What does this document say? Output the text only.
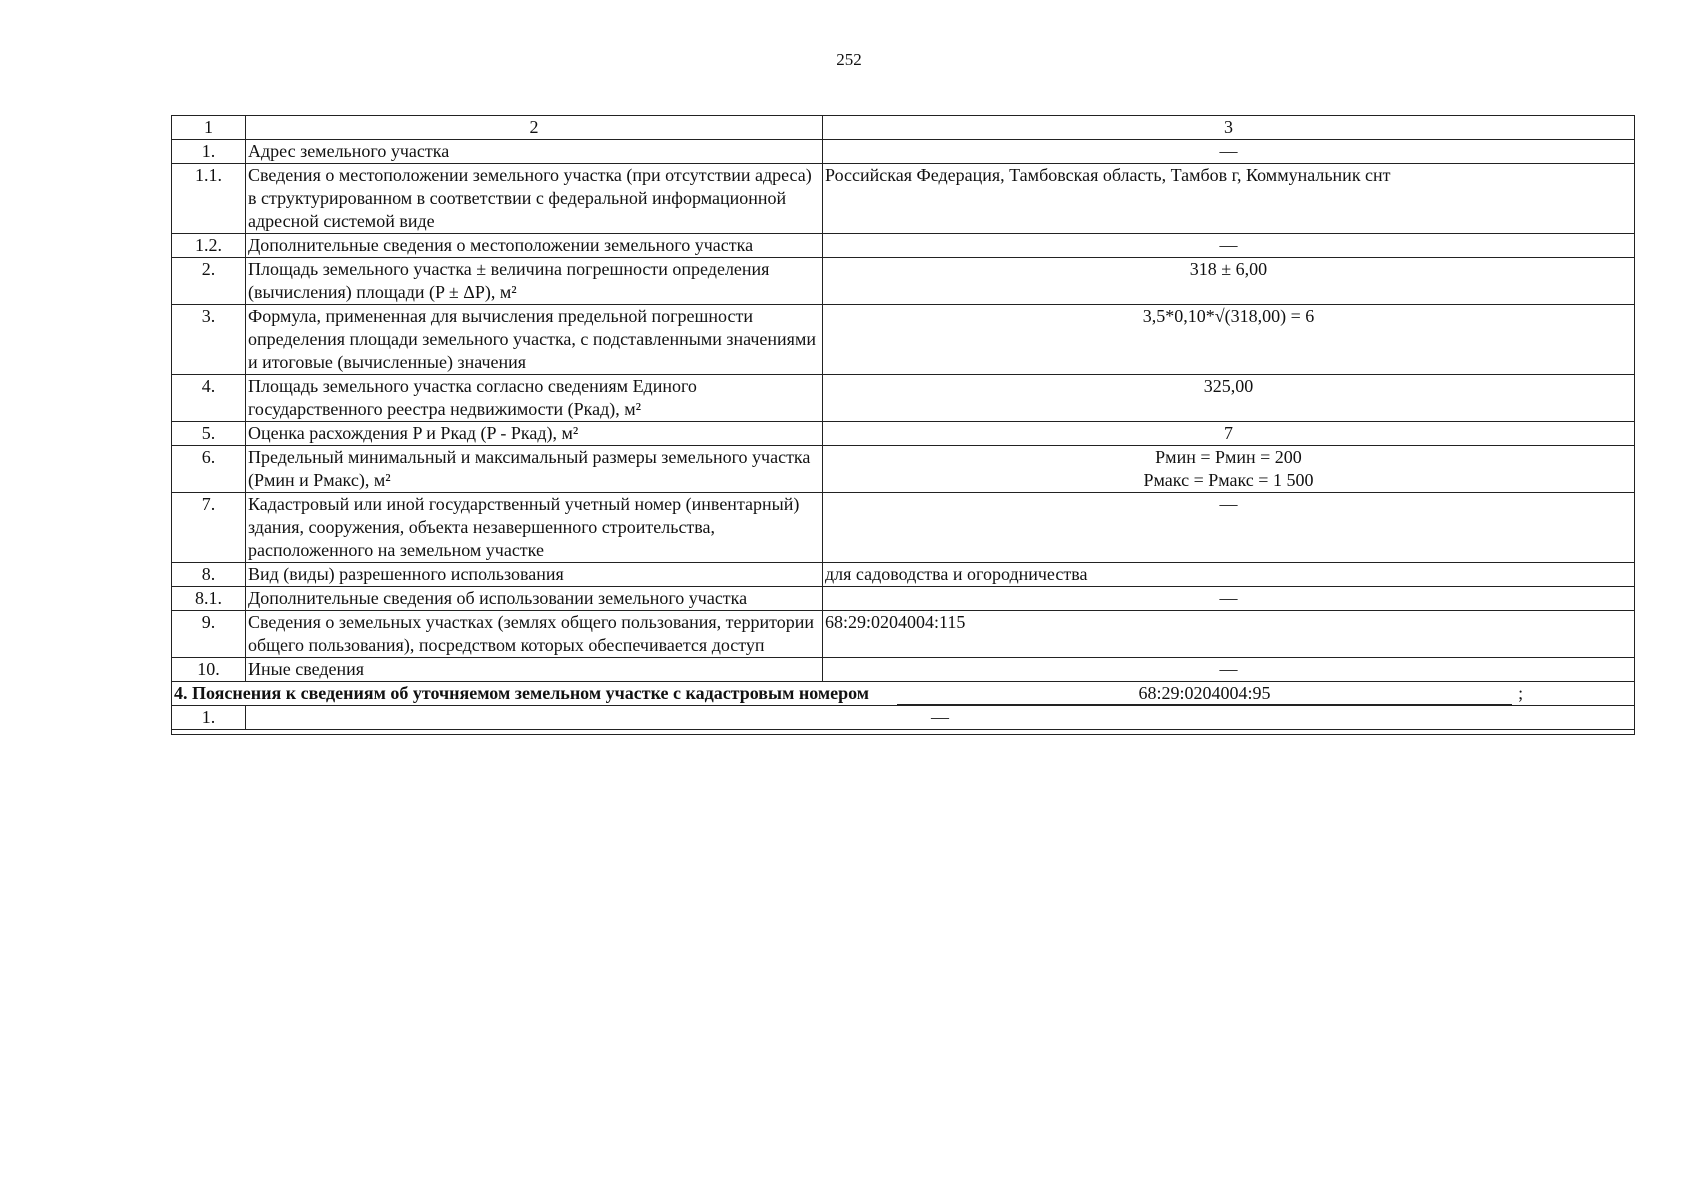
252
1	2	3
1.	Адрес земельного участка	—
1.1.	Сведения о местоположении земельного участка (при отсутствии адреса) в структурированном в соответствии с федеральной информационной адресной системой виде	Российская Федерация, Тамбовская область, Тамбов г, Коммунальник снт
1.2.	Дополнительные сведения о местоположении земельного участка	—
2.	Площадь земельного участка ± величина погрешности определения (вычисления) площади (P ± ΔP), м²	318 ± 6,00
3.	Формула, примененная для вычисления предельной погрешности определения площади земельного участка, с подставленными значениями и итоговые (вычисленные) значения	3,5*0,10*√(318,00) = 6
4.	Площадь земельного участка согласно сведениям Единого государственного реестра недвижимости (Ркад), м²	325,00
5.	Оценка расхождения P и Ркад (P - Ркад), м²	7
6.	Предельный минимальный и максимальный размеры земельного участка (Pмин и Pмакс), м²	Pмин = Pмин = 200
Pмакс = Pмакс = 1 500

7.	Кадастровый или иной государственный учетный номер (инвентарный) здания, сооружения, объекта незавершенного строительства, расположенного на земельном участке	—
8.	Вид (виды) разрешенного использования	для садоводства и огородничества
8.1.	Дополнительные сведения об использовании земельного участка	—
9.	Сведения о земельных участках (землях общего пользования, территории общего пользования), посредством которых обеспечивается доступ	68:29:0204004:115
10.	Иные сведения	—

4. Пояснения к сведениям об уточняемом земельном участке с кадастровым номером 68:29:0204004:95 ;		

1.	—	
